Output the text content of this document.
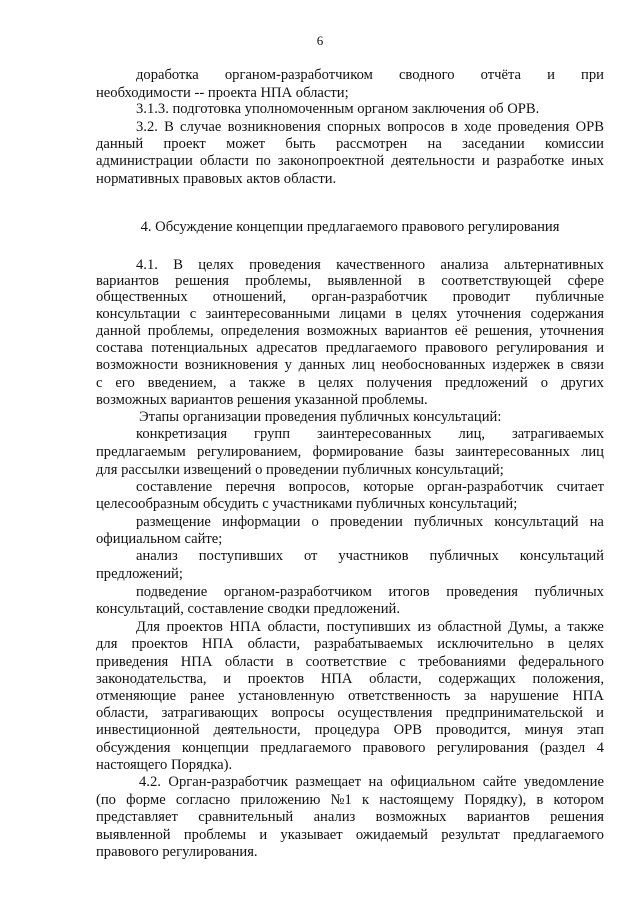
6
доработка органом-разработчиком сводного отчёта и при
необходимости -- проекта НПА области;
3.1.3. подготовка уполномоченным органом заключения об ОРВ.
3.2. В случае возникновения спорных вопросов в ходе проведения ОРВ
данный проект может быть рассмотрен на заседании комиссии
администрации области по законопроектной деятельности и разработке иных
нормативных правовых актов области.
4. Обсуждение концепции предлагаемого правового регулирования
4.1. В целях проведения качественного анализа альтернативных
вариантов решения проблемы, выявленной в соответствующей сфере
общественных отношений, орган-разработчик проводит публичные
консультации с заинтересованными лицами в целях уточнения содержания
данной проблемы, определения возможных вариантов её решения, уточнения
состава потенциальных адресатов предлагаемого правового регулирования и
возможности возникновения у данных лиц необоснованных издержек в связи
с его введением, а также в целях получения предложений о других
возможных вариантов решения указанной проблемы.
Этапы организации проведения публичных консультаций:
конкретизация групп заинтересованных лиц, затрагиваемых
предлагаемым регулированием, формирование базы заинтересованных лиц
для рассылки извещений о проведении публичных консультаций;
составление перечня вопросов, которые орган-разработчик считает
целесообразным обсудить с участниками публичных консультаций;
размещение информации о проведении публичных консультаций на
официальном сайте;
анализ поступивших от участников публичных консультаций
предложений;
подведение органом-разработчиком итогов проведения публичных
консультаций, составление сводки предложений.
Для проектов НПА области, поступивших из областной Думы, а также
для проектов НПА области, разрабатываемых исключительно в целях
приведения НПА области в соответствие с требованиями федерального
законодательства, и проектов НПА области, содержащих положения,
отменяющие ранее установленную ответственность за нарушение НПА
области, затрагивающих вопросы осуществления предпринимательской и
инвестиционной деятельности, процедура ОРВ проводится, минуя этап
обсуждения концепции предлагаемого правового регулирования (раздел 4
настоящего Порядка).
4.2. Орган-разработчик размещает на официальном сайте уведомление
(по форме согласно приложению №1 к настоящему Порядку), в котором
представляет сравнительный анализ возможных вариантов решения
выявленной проблемы и указывает ожидаемый результат предлагаемого
правового регулирования.
